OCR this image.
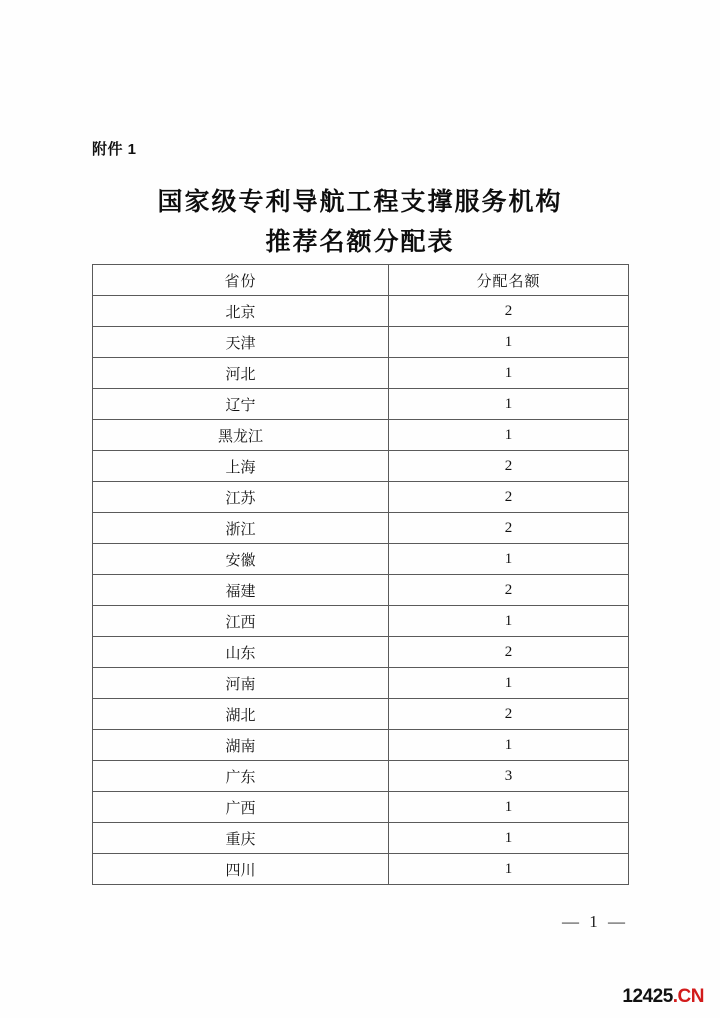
附件 1
国家级专利导航工程支撑服务机构
推荐名额分配表
省份	分配名额
北京	2
天津	1
河北	1
辽宁	1
黑龙江	1
上海	2
江苏	2
浙江	2
安徽	1
福建	2
江西	1
山东	2
河南	1
湖北	2
湖南	1
广东	3
广西	1
重庆	1
四川	1
— 1 —
12425.CN
